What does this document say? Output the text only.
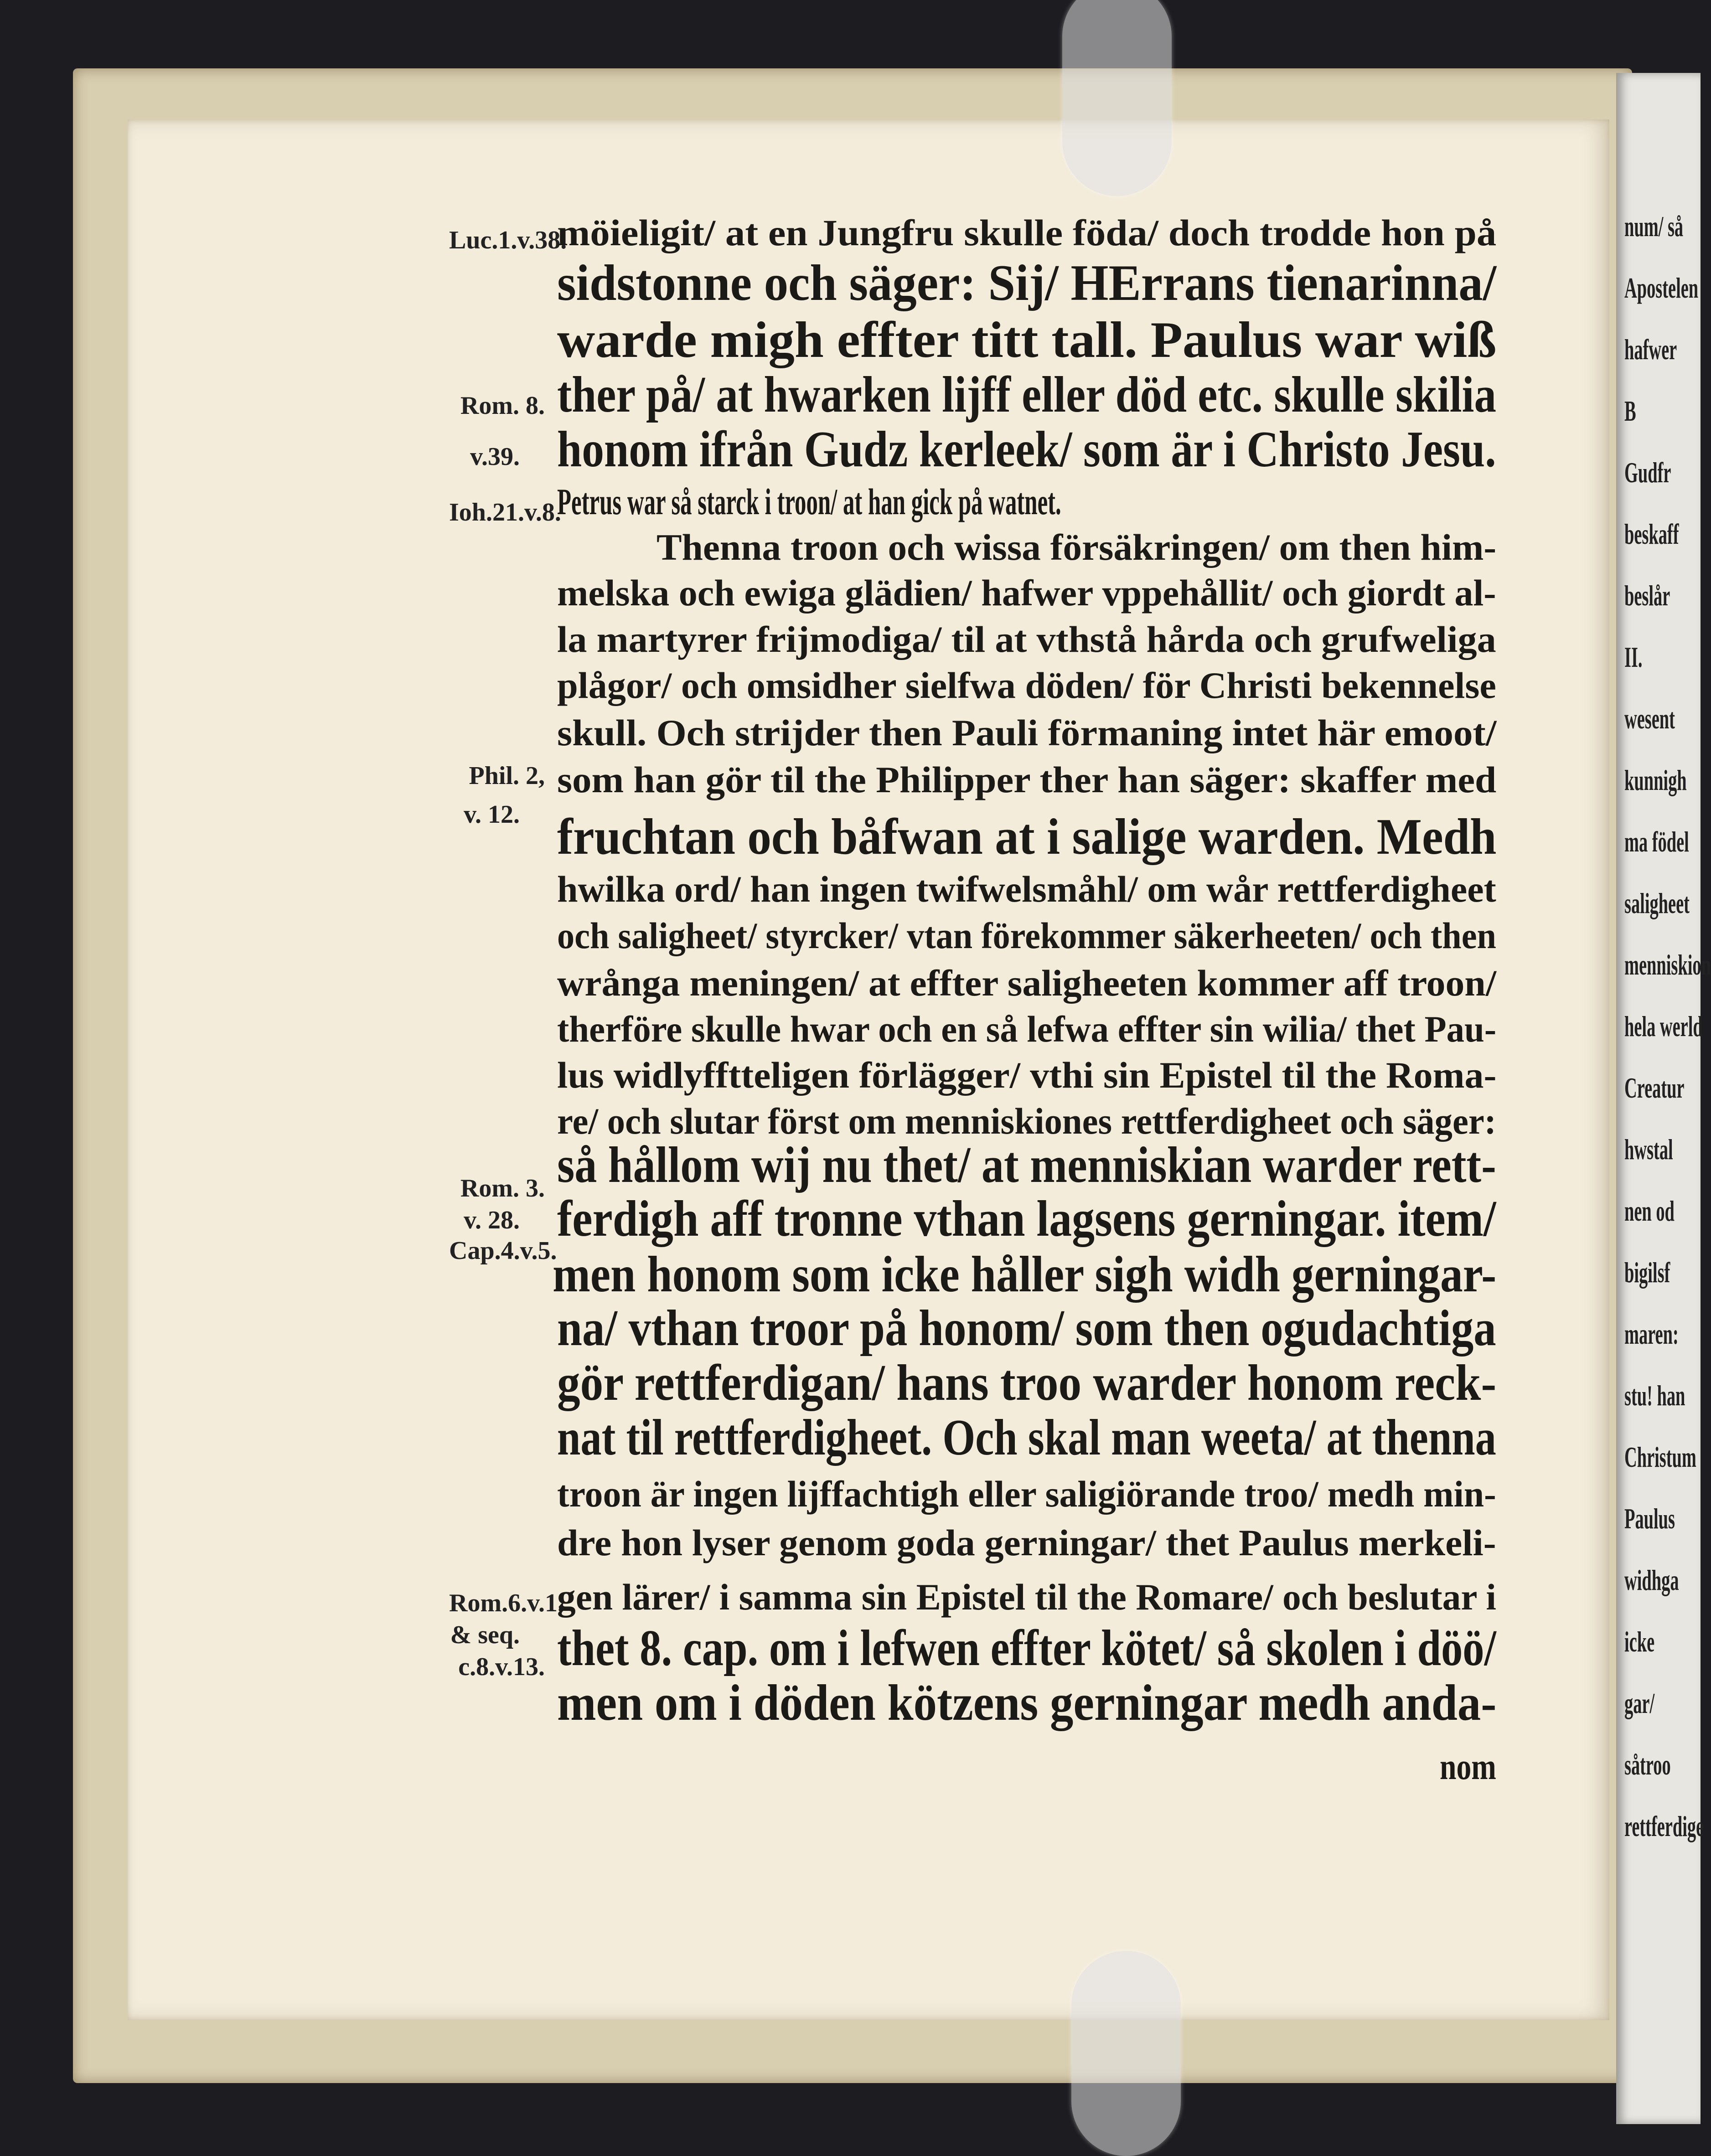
num/ så
Apostelen
hafwer
B
Gudfr
beskaff
beslår
II.
wesent
kunnigh
ma födel
saligheet
menniskion
hela werld
Creatur
hwstal
nen od
bigilsf
maren:
stu! han
Christum
Paulus
widhga
icke
gar/
såtroo
rettferdige
Luc.1.v.38.
Rom. 8.
v.39.
Ioh.21.v.8.
Phil. 2,
v. 12.
Rom. 3.
v. 28.
Cap.4.v.5.
Rom.6.v.1.
& seq.
c.8.v.13.
möieligit/ at en Jungfru skulle föda/ doch trodde hon på
sidstonne och säger: Sij/ HErrans tienarinna/
warde migh effter titt tall. Paulus war wiß
ther på/ at hwarken lijff eller död etc. skulle skilia
honom ifrån Gudz kerleek/ som är i Christo Jesu.
Petrus war så starck i troon/ at han gick på watnet.
Thenna troon och wissa försäkringen/ om then him-
melska och ewiga glädien/ hafwer vppehållit/ och giordt al-
la martyrer frijmodiga/ til at vthstå hårda och grufweliga
plågor/ och omsidher sielfwa döden/ för Christi bekennelse
skull. Och strijder then Pauli förmaning intet här emoot/
som han gör til the Philipper ther han säger: skaffer med
fruchtan och båfwan at i salige warden. Medh
hwilka ord/ han ingen twifwelsmåhl/ om wår rettferdigheet
och saligheet/ styrcker/ vtan förekommer säkerheeten/ och then
wrånga meningen/ at effter saligheeten kommer aff troon/
therföre skulle hwar och en så lefwa effter sin wilia/ thet Pau-
lus widlyfftteligen förlägger/ vthi sin Epistel til the Roma-
re/ och slutar först om menniskiones rettferdigheet och säger:
så hållom wij nu thet/ at menniskian warder rett-
ferdigh aff tronne vthan lagsens gerningar. item/
men honom som icke håller sigh widh gerningar-
na/ vthan troor på honom/ som then ogudachtiga
gör rettferdigan/ hans troo warder honom reck-
nat til rettferdigheet. Och skal man weeta/ at thenna
troon är ingen lijffachtigh eller saligiörande troo/ medh min-
dre hon lyser genom goda gerningar/ thet Paulus merkeli-
gen lärer/ i samma sin Epistel til the Romare/ och beslutar i
thet 8. cap. om i lefwen effter kötet/ så skolen i döö/
men om i döden kötzens gerningar medh anda-
nom
